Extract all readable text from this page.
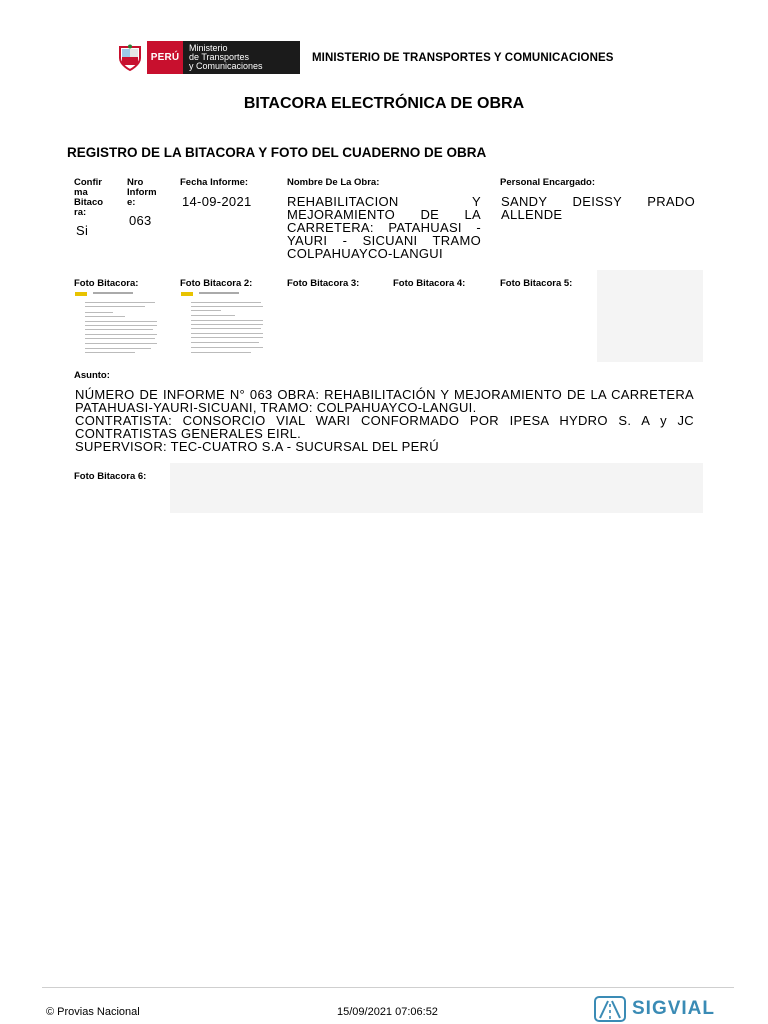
PERÚ
Ministerio
de Transportes
y Comunicaciones
MINISTERIO DE TRANSPORTES Y COMUNICACIONES
BITACORA ELECTRÓNICA DE OBRA
REGISTRO DE LA BITACORA Y FOTO DEL CUADERNO DE OBRA
Confir ma Bitaco ra:
Si
Nro Inform e:
063
Fecha Informe:
14-09-2021
Nombre De La Obra:
REHABILITACION Y MEJORAMIENTO DE LA CARRETERA: PATAHUASI - YAURI - SICUANI TRAMO COLPAHUAYCO-LANGUI
Personal Encargado:
SANDY DEISSY PRADO ALLENDE
Foto Bitacora:	Foto Bitacora 2:	Foto Bitacora 3:	Foto Bitacora 4:	Foto Bitacora 5:
Asunto:
NÚMERO DE INFORME N° 063 OBRA: REHABILITACIÓN Y MEJORAMIENTO DE LA CARRETERA PATAHUASI-YAURI-SICUANI, TRAMO: COLPAHUAYCO-LANGUI.
CONTRATISTA: CONSORCIO VIAL WARI CONFORMADO POR IPESA HYDRO S. A y JC CONTRATISTAS GENERALES EIRL.
SUPERVISOR: TEC-CUATRO S.A - SUCURSAL DEL PERÚ
Foto Bitacora 6:
© Provias Nacional	15/09/2021 07:06:52	SIGVIAL
